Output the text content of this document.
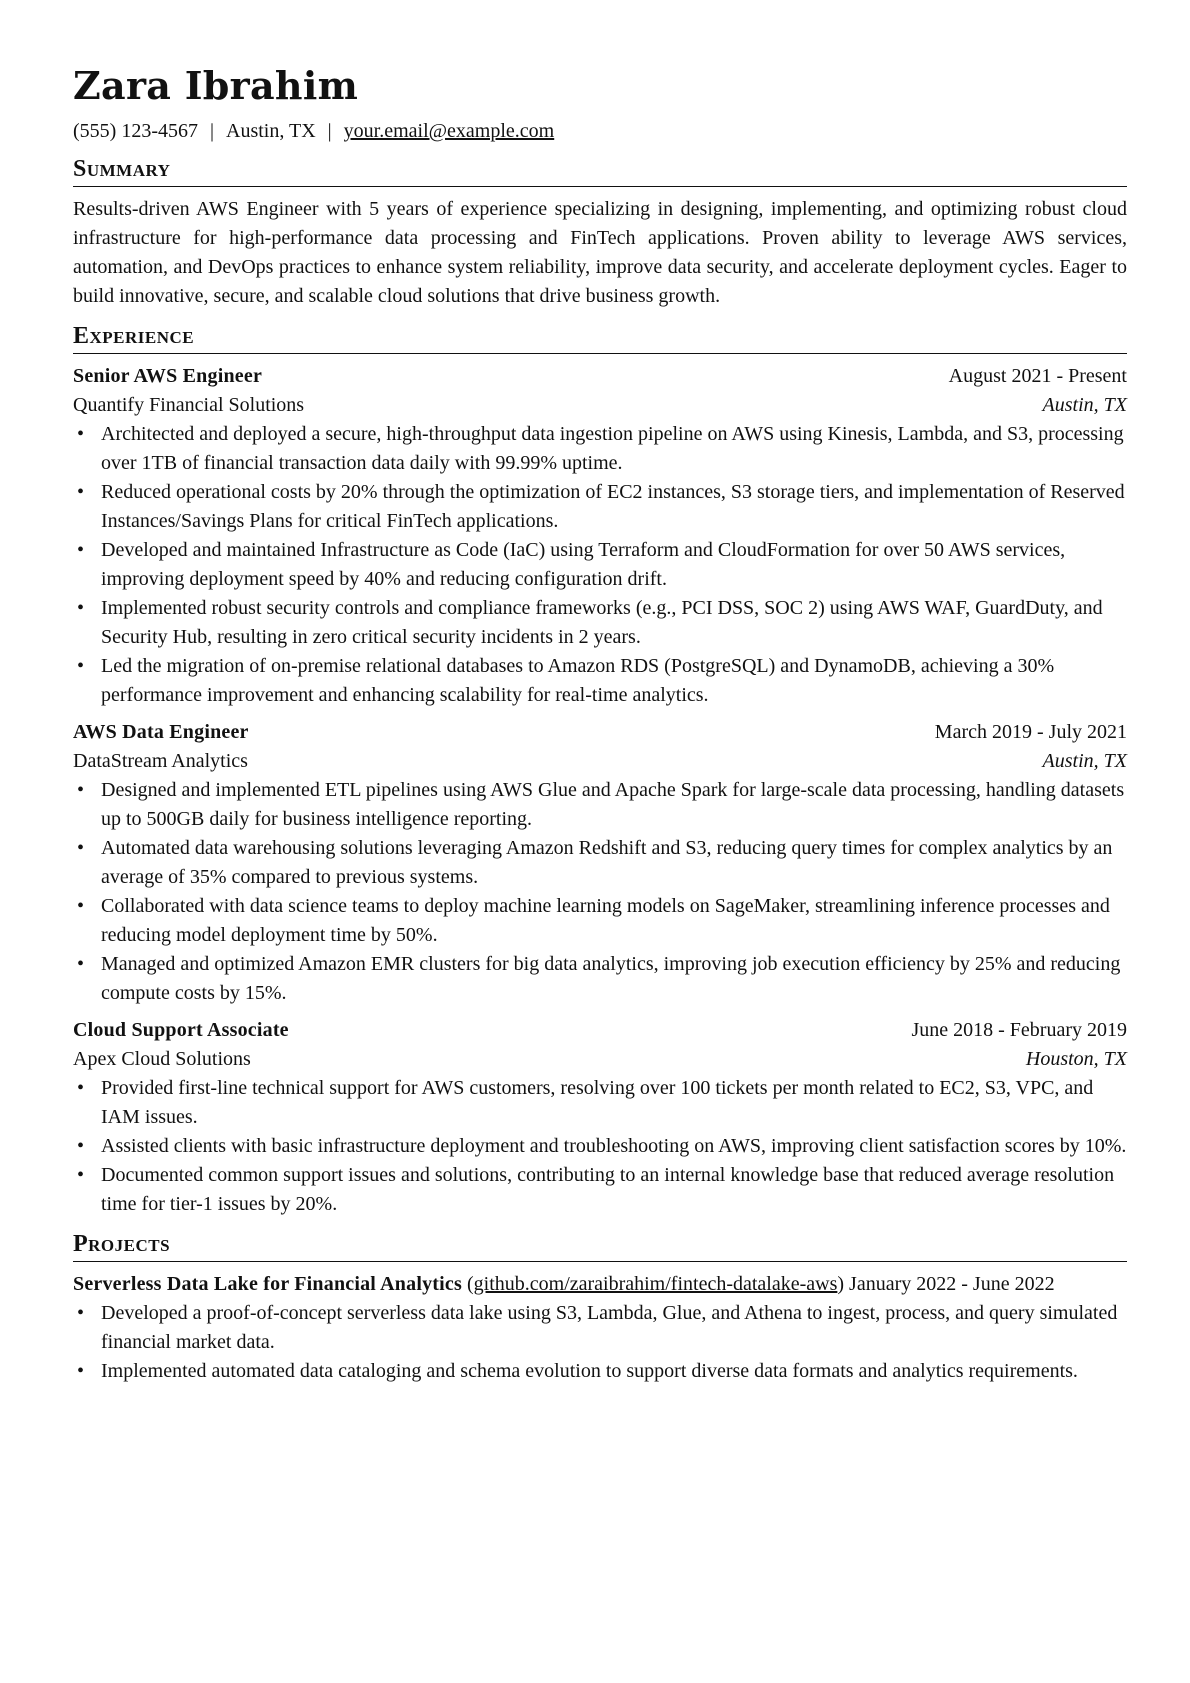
Zara Ibrahim
(555) 123-4567 | Austin, TX | your.email@example.com
Summary
Results-driven AWS Engineer with 5 years of experience specializing in designing, implementing, and optimizing robust cloud infrastructure for high-performance data processing and FinTech applications. Proven ability to leverage AWS services, automation, and DevOps practices to enhance system reliability, improve data security, and accelerate deployment cycles. Eager to build innovative, secure, and scalable cloud solutions that drive business growth.
Experience
Senior AWS Engineer	August 2021 - Present
Quantify Financial Solutions	Austin, TX
• Architected and deployed a secure, high-throughput data ingestion pipeline on AWS using Kinesis, Lambda, and S3, processing over 1TB of financial transaction data daily with 99.99% uptime.
• Reduced operational costs by 20% through the optimization of EC2 instances, S3 storage tiers, and implementation of Reserved Instances/Savings Plans for critical FinTech applications.
• Developed and maintained Infrastructure as Code (IaC) using Terraform and CloudFormation for over 50 AWS services, improving deployment speed by 40% and reducing configuration drift.
• Implemented robust security controls and compliance frameworks (e.g., PCI DSS, SOC 2) using AWS WAF, GuardDuty, and Security Hub, resulting in zero critical security incidents in 2 years.
• Led the migration of on-premise relational databases to Amazon RDS (PostgreSQL) and DynamoDB, achieving a 30% performance improvement and enhancing scalability for real-time analytics.
AWS Data Engineer	March 2019 - July 2021
DataStream Analytics	Austin, TX
• Designed and implemented ETL pipelines using AWS Glue and Apache Spark for large-scale data processing, handling datasets up to 500GB daily for business intelligence reporting.
• Automated data warehousing solutions leveraging Amazon Redshift and S3, reducing query times for complex analytics by an average of 35% compared to previous systems.
• Collaborated with data science teams to deploy machine learning models on SageMaker, streamlining inference processes and reducing model deployment time by 50%.
• Managed and optimized Amazon EMR clusters for big data analytics, improving job execution efficiency by 25% and reducing compute costs by 15%.
Cloud Support Associate	June 2018 - February 2019
Apex Cloud Solutions	Houston, TX
• Provided first-line technical support for AWS customers, resolving over 100 tickets per month related to EC2, S3, VPC, and IAM issues.
• Assisted clients with basic infrastructure deployment and troubleshooting on AWS, improving client satisfaction scores by 10%.
• Documented common support issues and solutions, contributing to an internal knowledge base that reduced average resolution time for tier-1 issues by 20%.
Projects
Serverless Data Lake for Financial Analytics (github.com/zaraibrahim/fintech-datalake-aws) January 2022 - June 2022
• Developed a proof-of-concept serverless data lake using S3, Lambda, Glue, and Athena to ingest, process, and query simulated financial market data.
• Implemented automated data cataloging and schema evolution to support diverse data formats and analytics requirements.
